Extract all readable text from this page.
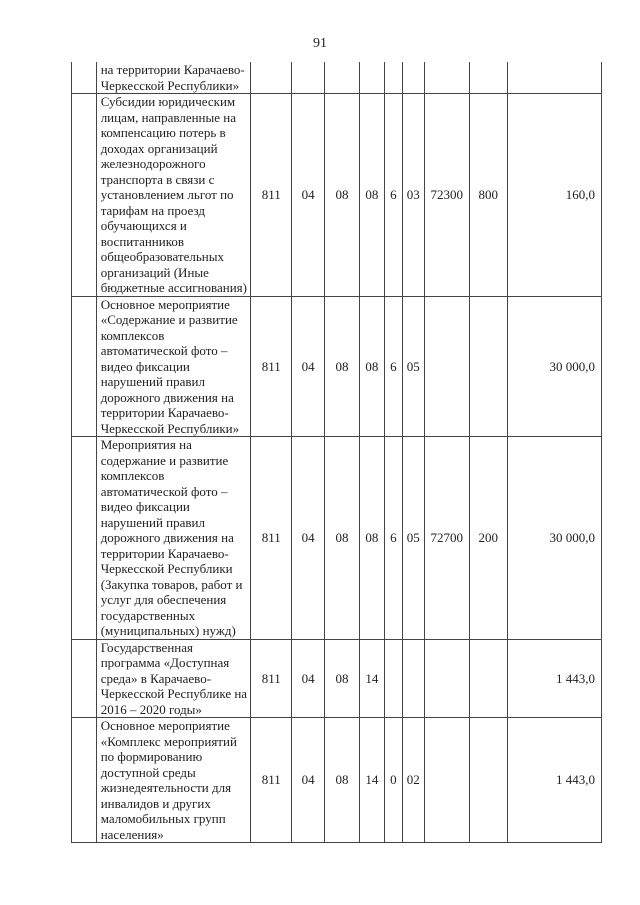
91
	на территории Карачаево-Черкесской Республики»									
	Субсидии юридическим лицам, направленные на компенсацию потерь в доходах организаций железнодорожного транспорта в связи с установлением льгот по тарифам на проезд обучающихся и воспитанников общеобразовательных организаций (Иные бюджетные ассигнования)	811	04	08	08	6	03	72300	800	160,0
	Основное мероприятие «Содержание и развитие комплексов автоматической фото – видео фиксации нарушений правил дорожного движения на территории Карачаево-Черкесской Республики»	811	04	08	08	6	05			30 000,0
	Мероприятия на содержание и развитие комплексов автоматической фото – видео фиксации нарушений правил дорожного движения на территории Карачаево-Черкесской Республики (Закупка товаров, работ и услуг для обеспечения государственных (муниципальных) нужд)	811	04	08	08	6	05	72700	200	30 000,0
	Государственная программа «Доступная среда» в Карачаево-Черкесской Республике на 2016 – 2020 годы»	811	04	08	14					1 443,0
	Основное мероприятие «Комплекс мероприятий по формированию доступной среды жизнедеятельности для инвалидов и других маломобильных групп населения»	811	04	08	14	0	02			1 443,0
